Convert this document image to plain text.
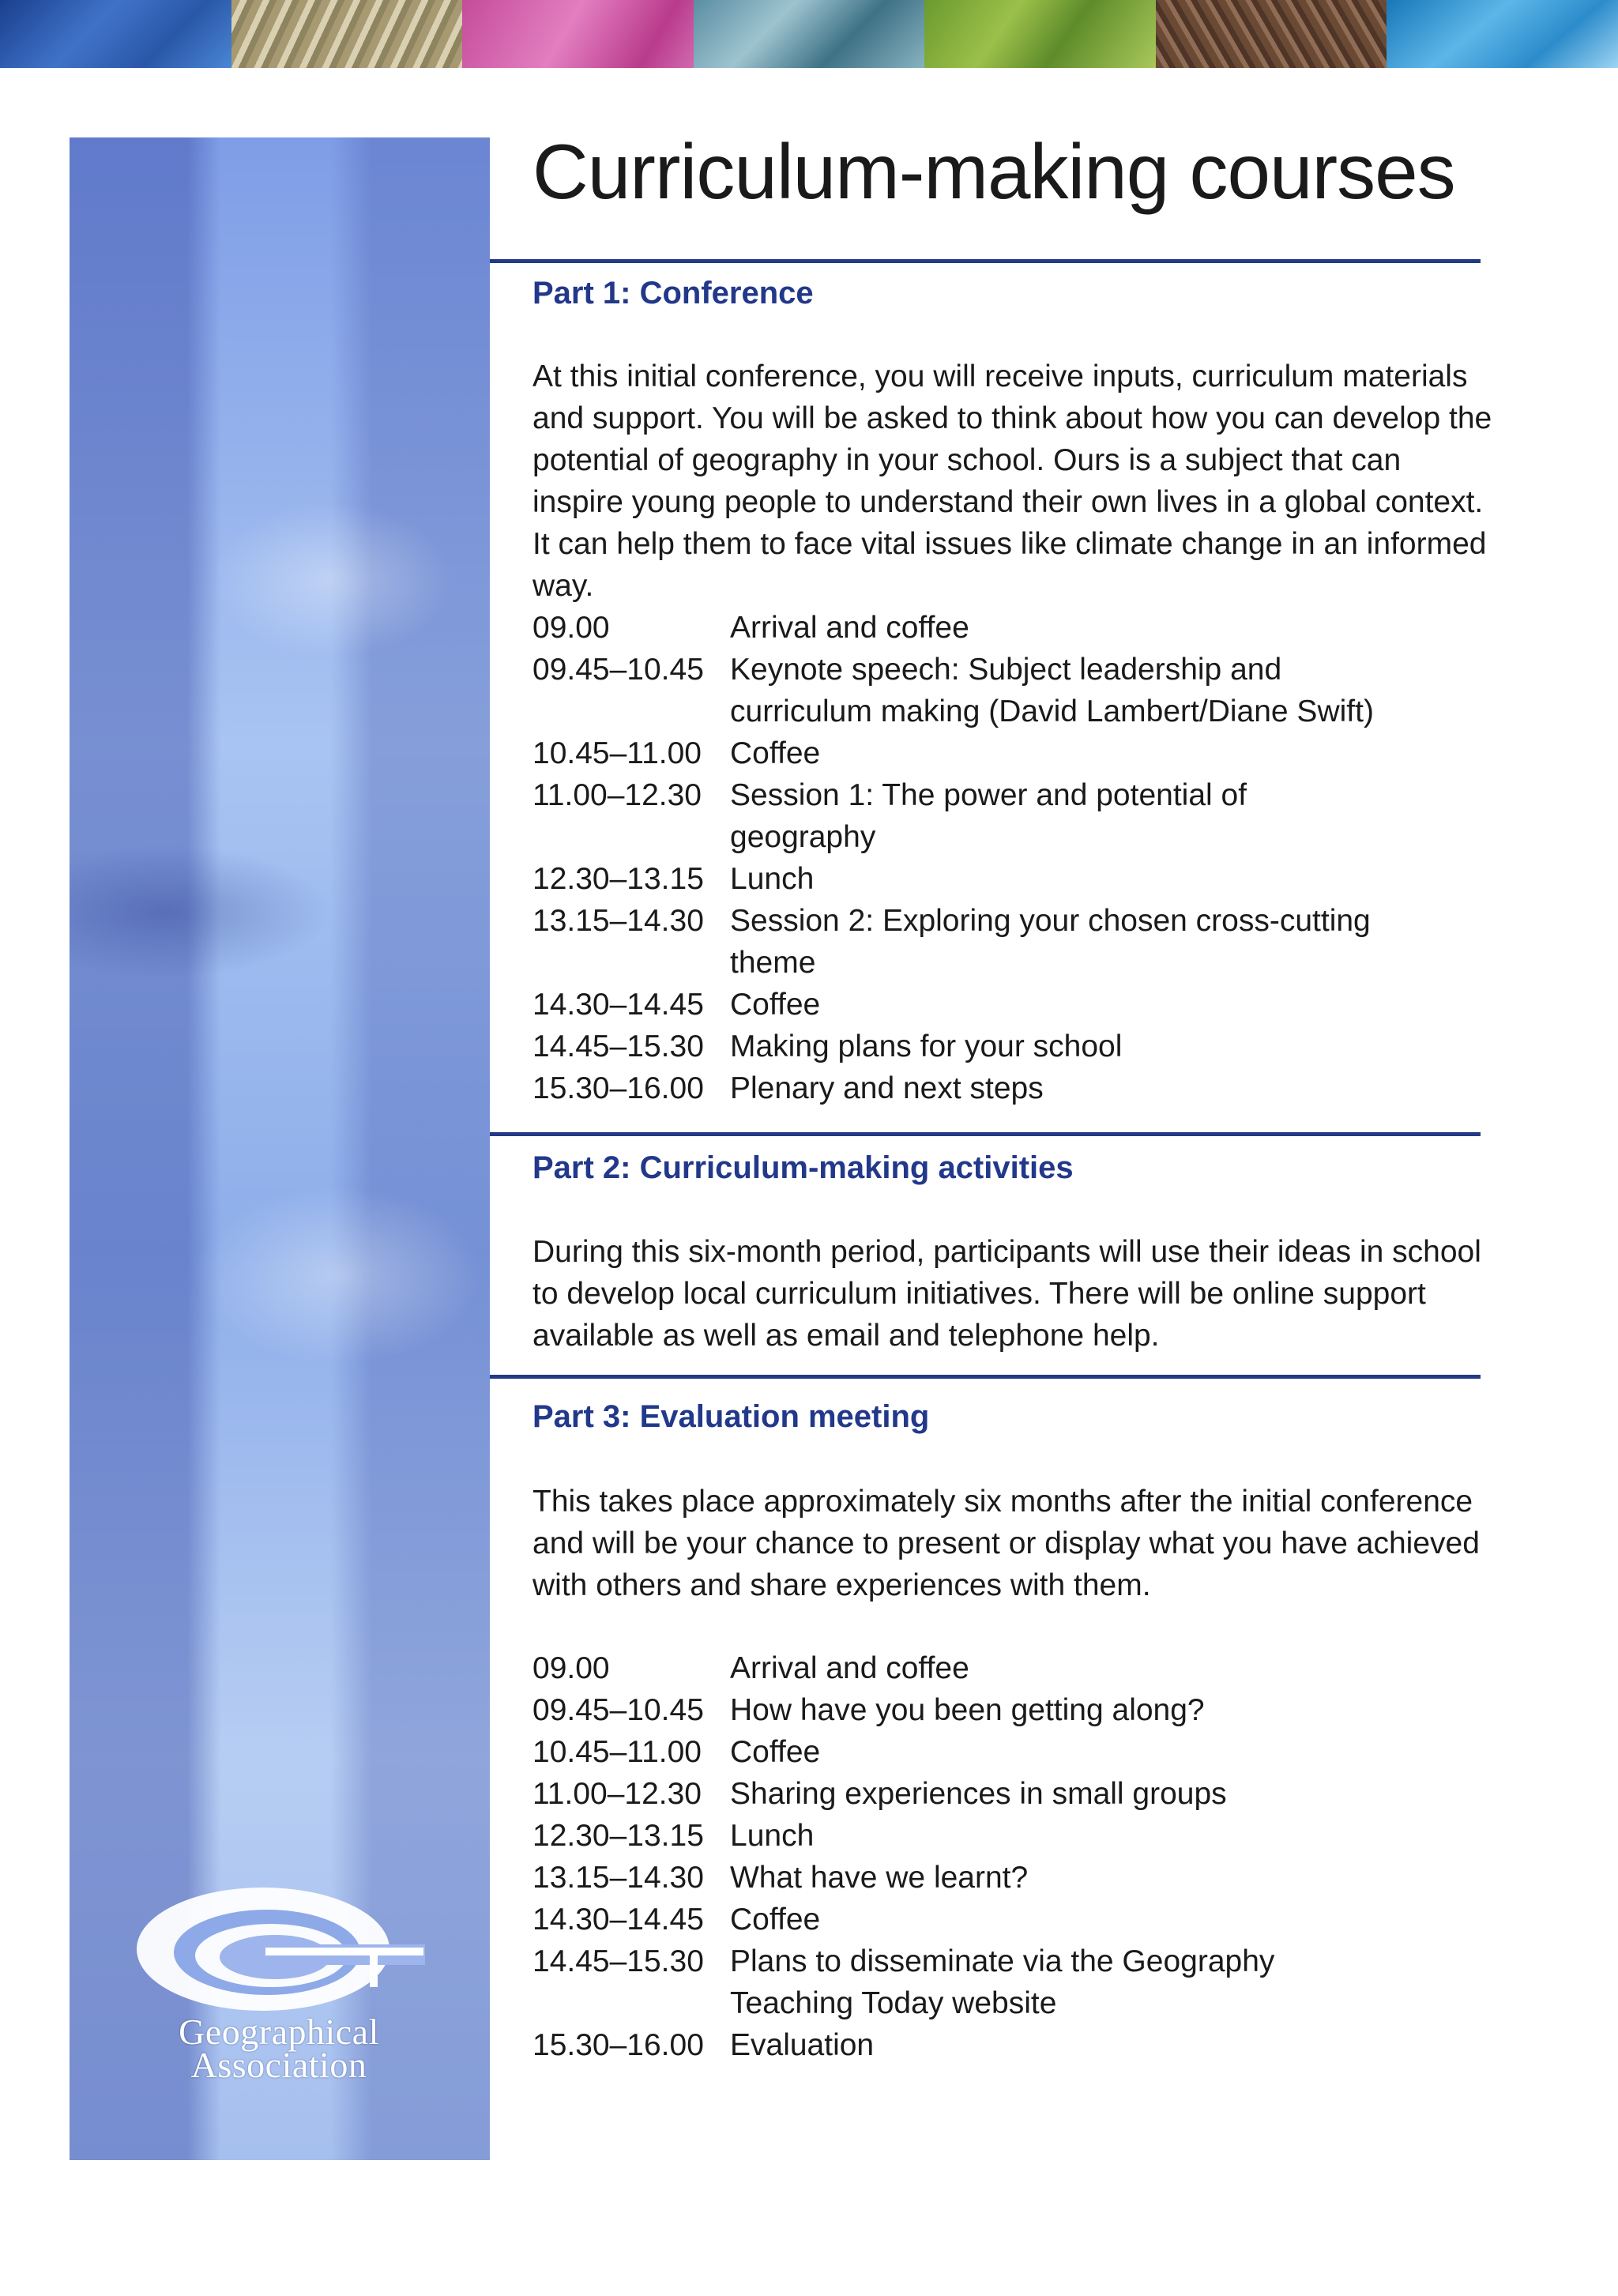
Geographical
Association
Curriculum-making courses
Part 1: Conference

At this initial conference, you will receive inputs, curriculum materials and support. You will be asked to think about how you can develop the potential of geography in your school. Ours is a subject that can inspire young people to understand their own lives in a global context. It can help them to face vital issues like climate change in an informed way.

09.00	Arrival and coffee
09.45–10.45 Keynote speech: Subject leadership and curriculum making (David Lambert/Diane Swift)
10.45–11.00 Coffee
11.00–12.30 Session 1: The power and potential of geography
12.30–13.15 Lunch
13.15–14.30 Session 2: Exploring your chosen cross-cutting theme
14.30–14.45 Coffee
14.45–15.30 Making plans for your school
15.30–16.00 Plenary and next steps
Part 2: Curriculum-making activities

During this six-month period, participants will use their ideas in school to develop local curriculum initiatives. There will be online support available as well as email and telephone help.

Part 3: Evaluation meeting

This takes place approximately six months after the initial conference and will be your chance to present or display what you have achieved with others and share experiences with them.

09.00	Arrival and coffee
09.45–10.45 How have you been getting along?
10.45–11.00 Coffee
11.00–12.30 Sharing experiences in small groups
12.30–13.15 Lunch
13.15–14.30 What have we learnt?
14.30–14.45 Coffee
14.45–15.30 Plans to disseminate via the Geography Teaching Today website
15.30–16.00 Evaluation
